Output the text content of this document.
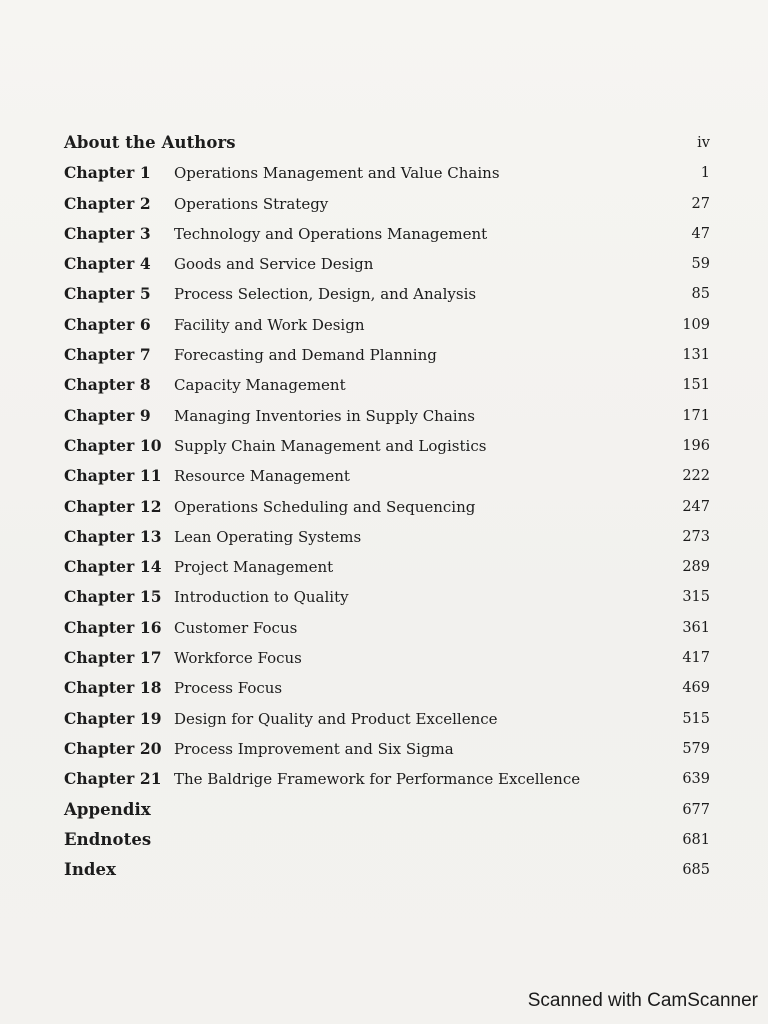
About the Authors	iv
Chapter 1 Operations Management and Value Chains	1
Chapter 2 Operations Strategy	27
Chapter 3 Technology and Operations Management	47
Chapter 4 Goods and Service Design	59
Chapter 5 Process Selection, Design, and Analysis	85
Chapter 6 Facility and Work Design	109
Chapter 7 Forecasting and Demand Planning	131
Chapter 8 Capacity Management	151
Chapter 9 Managing Inventories in Supply Chains	171
Chapter 10 Supply Chain Management and Logistics	196
Chapter 11 Resource Management	222
Chapter 12 Operations Scheduling and Sequencing	247
Chapter 13 Lean Operating Systems	273
Chapter 14 Project Management	289
Chapter 15 Introduction to Quality	315
Chapter 16 Customer Focus	361
Chapter 17 Workforce Focus	417
Chapter 18 Process Focus	469
Chapter 19 Design for Quality and Product Excellence	515
Chapter 20 Process Improvement and Six Sigma	579
Chapter 21 The Baldrige Framework for Performance Excellence	639
Appendix	677
Endnotes	681
Index	685
Scanned with CamScanner
